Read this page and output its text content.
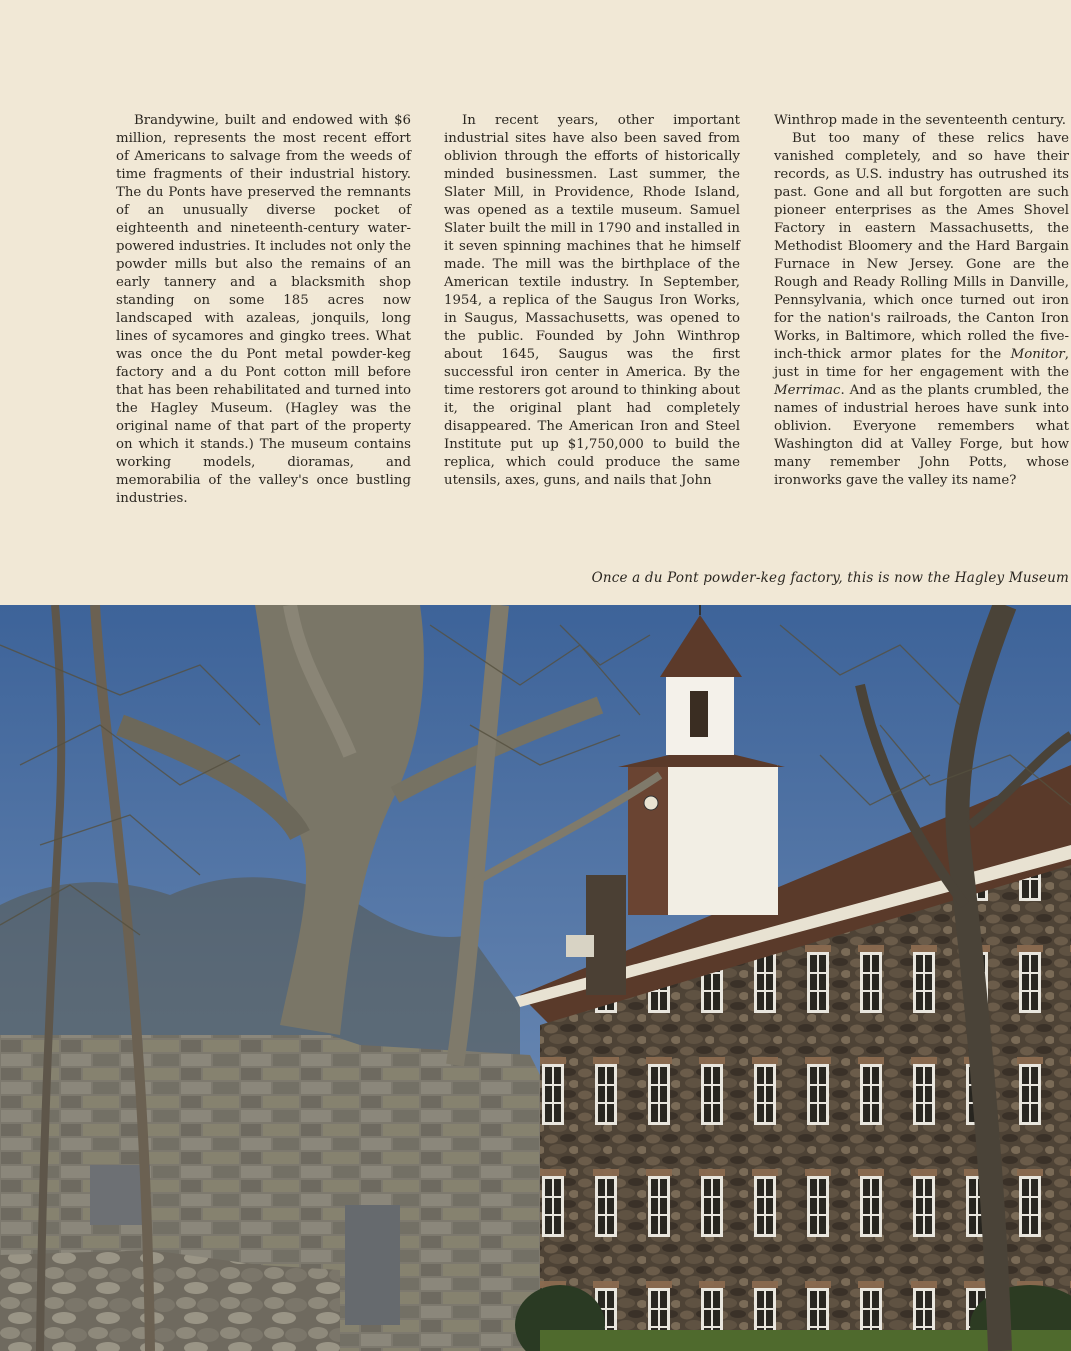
Brandywine, built and endowed with $6 million, represents the most recent effort of Americans to salvage from the weeds of time fragments of their industrial history. The du Ponts have preserved the remnants of an unusually diverse pocket of eighteenth and nineteenth-century water-powered industries. It includes not only the powder mills but also the remains of an early tannery and a blacksmith shop standing on some 185 acres now landscaped with azaleas, jonquils, long lines of sycamores and gingko trees. What was once the du Pont metal powder-keg factory and a du Pont cotton mill before that has been rehabilitated and turned into the Hagley Museum. (Hagley was the original name of that part of the property on which it stands.) The museum contains working models, dioramas, and memorabilia of the valley's once bustling industries.

In recent years, other important industrial sites have also been saved from oblivion through the efforts of historically minded businessmen. Last summer, the Slater Mill, in Providence, Rhode Island, was opened as a textile museum. Samuel Slater built the mill in 1790 and installed in it seven spinning machines that he himself made. The mill was the birthplace of the American textile industry. In September, 1954, a replica of the Saugus Iron Works, in Saugus, Massachusetts, was opened to the public. Founded by John Winthrop about 1645, Saugus was the first successful iron center in America. By the time restorers got around to thinking about it, the original plant had completely disappeared. The American Iron and Steel Institute put up $1,750,000 to build the replica, which could produce the same utensils, axes, guns, and nails that John

Winthrop made in the seventeenth century.

But too many of these relics have vanished completely, and so have their records, as U.S. industry has outrushed its past. Gone and all but forgotten are such pioneer enterprises as the Ames Shovel Factory in eastern Massachusetts, the Methodist Bloomery and the Hard Bargain Furnace in New Jersey. Gone are the Rough and Ready Rolling Mills in Danville, Pennsylvania, which once turned out iron for the nation's railroads, the Canton Iron Works, in Baltimore, which rolled the five-inch-thick armor plates for the Monitor, just in time for her engagement with the Merrimac. And as the plants crumbled, the names of industrial heroes have sunk into oblivion. Everyone remembers what Washington did at Valley Forge, but how many remember John Potts, whose ironworks gave the valley its name?

Once a du Pont powder-keg factory, this is now the Hagley Museum
